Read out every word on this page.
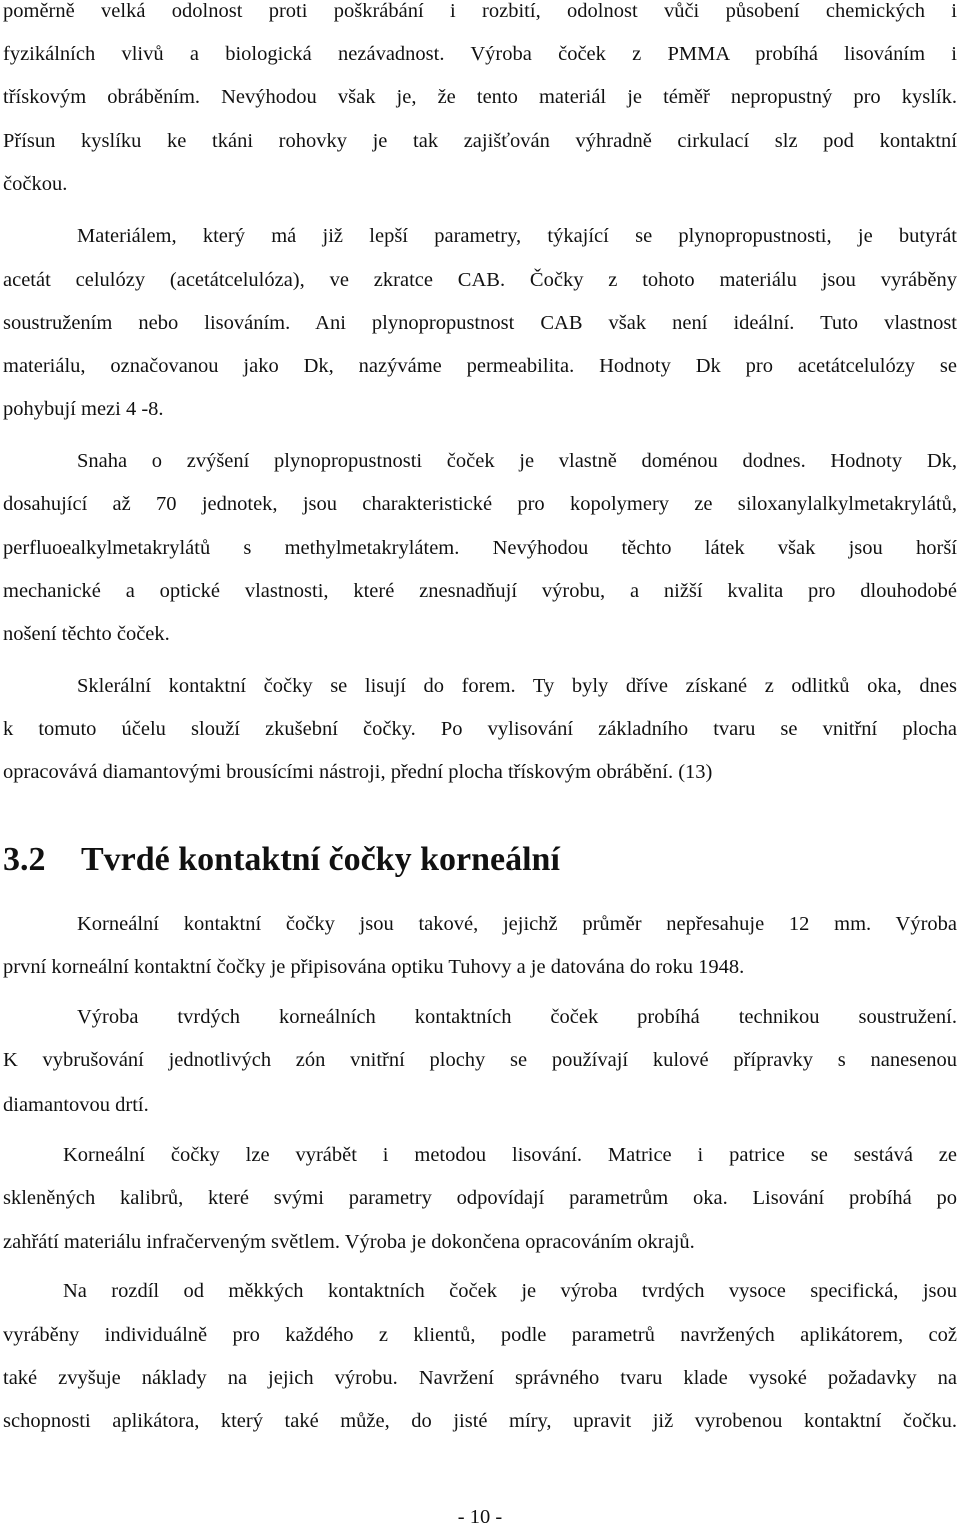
poměrně velká odolnost proti poškrábání i rozbití, odolnost vůči působení chemických i
fyzikálních vlivů a biologická nezávadnost. Výroba čoček z PMMA probíhá lisováním i
třískovým obráběním. Nevýhodou však je, že tento materiál je téměř nepropustný pro kyslík.
Přísun kyslíku ke tkáni rohovky je tak zajišťován výhradně cirkulací slz pod kontaktní
čočkou.
Materiálem, který má již lepší parametry, týkající se plynopropustnosti, je butyrát
acetát celulózy (acetátcelulóza), ve zkratce CAB. Čočky z tohoto materiálu jsou vyráběny
soustružením nebo lisováním. Ani plynopropustnost CAB však není ideální. Tuto vlastnost
materiálu, označovanou jako Dk, nazýváme permeabilita. Hodnoty Dk pro acetátcelulózy se
pohybují mezi 4 -8.
Snaha o zvýšení plynopropustnosti čoček je vlastně doménou dodnes. Hodnoty Dk,
dosahující až 70 jednotek, jsou charakteristické pro kopolymery ze siloxanylalkylmetakrylátů,
perfluoealkylmetakrylátů s methylmetakrylátem. Nevýhodou těchto látek však jsou horší
mechanické a optické vlastnosti, které znesnadňují výrobu, a nižší kvalita pro dlouhodobé
nošení těchto čoček.
Sklerální kontaktní čočky se lisují do forem. Ty byly dříve získané z odlitků oka, dnes
k tomuto účelu slouží zkušební čočky. Po vylisování základního tvaru se vnitřní plocha
opracovává diamantovými brousícími nástroji, přední plocha třískovým obrábění. (13)
3.2 Tvrdé kontaktní čočky korneální
Korneální kontaktní čočky jsou takové, jejichž průměr nepřesahuje 12 mm. Výroba
první korneální kontaktní čočky je připisována optiku Tuhovy a je datována do roku 1948.
Výroba tvrdých korneálních kontaktních čoček probíhá technikou soustružení.
K vybrušování jednotlivých zón vnitřní plochy se používají kulové přípravky s nanesenou
diamantovou drtí.
Korneální čočky lze vyrábět i metodou lisování. Matrice i patrice se sestává ze
skleněných kalibrů, které svými parametry odpovídají parametrům oka. Lisování probíhá po
zahřátí materiálu infračerveným světlem. Výroba je dokončena opracováním okrajů.
Na rozdíl od měkkých kontaktních čoček je výroba tvrdých vysoce specifická, jsou
vyráběny individuálně pro každého z klientů, podle parametrů navržených aplikátorem, což
také zvyšuje náklady na jejich výrobu. Navržení správného tvaru klade vysoké požadavky na
schopnosti aplikátora, který také může, do jisté míry, upravit již vyrobenou kontaktní čočku.
- 10 -
